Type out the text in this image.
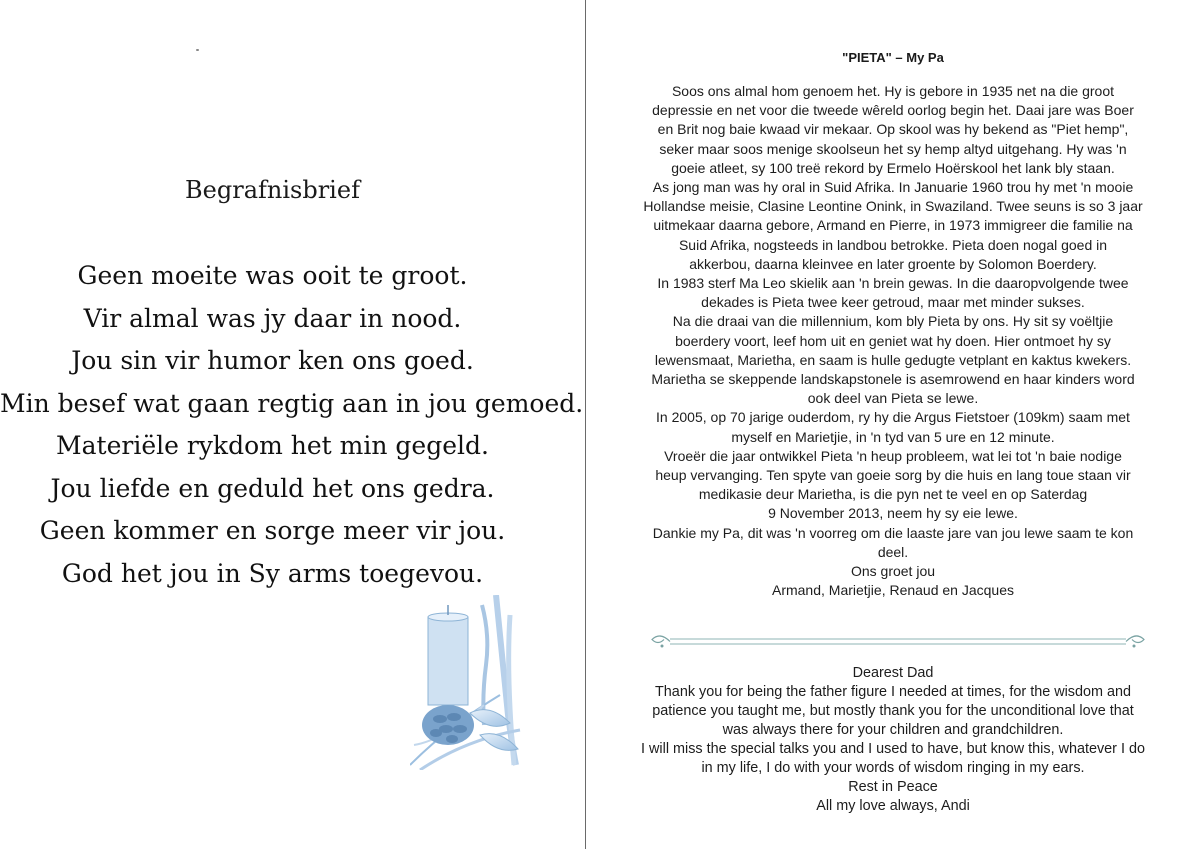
Begrafnisbrief
Geen moeite was ooit te groot.
Vir almal was jy daar in nood.
Jou sin vir humor ken ons goed.
Min besef wat gaan regtig aan in jou gemoed.
Materiële rykdom het min gegeld.
Jou liefde en geduld het ons gedra.
Geen kommer en sorge meer vir jou.
God het jou in Sy arms toegevou.
"PIETA" – My Pa
Soos ons almal hom genoem het. Hy is gebore in 1935 net na die groot
depressie en net voor die tweede wêreld oorlog begin het. Daai jare was Boer
en Brit nog baie kwaad vir mekaar. Op skool was hy bekend as "Piet hemp",
seker maar soos menige skoolseun het sy hemp altyd uitgehang. Hy was 'n
goeie atleet, sy 100 treë rekord by Ermelo Hoërskool het lank bly staan.
As jong man was hy oral in Suid Afrika. In Januarie 1960 trou hy met 'n mooie
Hollandse meisie, Clasine Leontine Onink, in Swaziland. Twee seuns is so 3 jaar
uitmekaar daarna gebore, Armand en Pierre, in 1973 immigreer die familie na
Suid Afrika, nogsteeds in landbou betrokke. Pieta doen nogal goed in
akkerbou, daarna kleinvee en later groente by Solomon Boerdery.
In 1983 sterf Ma Leo skielik aan 'n brein gewas. In die daaropvolgende twee
dekades is Pieta twee keer getroud, maar met minder sukses.
Na die draai van die millennium, kom bly Pieta by ons. Hy sit sy voëltjie
boerdery voort, leef hom uit en geniet wat hy doen. Hier ontmoet hy sy
lewensmaat, Marietha, en saam is hulle gedugte vetplant en kaktus kwekers.
Marietha se skeppende landskapstonele is asemrowend en haar kinders word
ook deel van Pieta se lewe.
In 2005, op 70 jarige ouderdom, ry hy die Argus Fietstoer (109km) saam met
myself en Marietjie, in 'n tyd van 5 ure en 12 minute.
Vroeër die jaar ontwikkel Pieta 'n heup probleem, wat lei tot 'n baie nodige
heup vervanging. Ten spyte van goeie sorg by die huis en lang toue staan vir
medikasie deur Marietha, is die pyn net te veel en op Saterdag
9 November 2013, neem hy sy eie lewe.
Dankie my Pa, dit was 'n voorreg om die laaste jare van jou lewe saam te kon
deel.
Ons groet jou
Armand, Marietjie, Renaud en Jacques
Dearest Dad
Thank you for being the father figure I needed at times, for the wisdom and
patience you taught me, but mostly thank you for the unconditional love that
was always there for your children and grandchildren.
I will miss the special talks you and I used to have, but know this, whatever I do
in my life, I do with your words of wisdom ringing in my ears.
Rest in Peace
All my love always, Andi
